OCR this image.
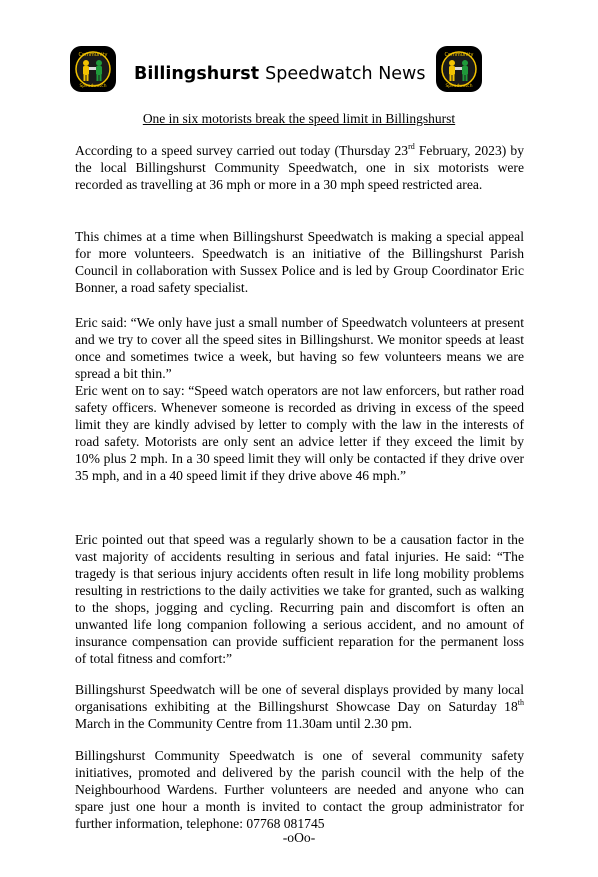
Community
Speedwatch
Billingshurst Speedwatch News
Community
Speedwatch
One in six motorists break the speed limit in Billingshurst

According to a speed survey carried out today (Thursday 23rd February, 2023) by the local Billingshurst Community Speedwatch, one in six motorists were recorded as travelling at 36 mph or more in a 30 mph speed restricted area.

This chimes at a time when Billingshurst Speedwatch is making a special appeal for more volunteers. Speedwatch is an initiative of the Billingshurst Parish Council in collaboration with Sussex Police and is led by Group Coordinator Eric Bonner, a road safety specialist.

Eric said: “We only have just a small number of Speedwatch volunteers at present and we try to cover all the speed sites in Billingshurst. We monitor speeds at least once and sometimes twice a week, but having so few volunteers means we are spread a bit thin.”

Eric went on to say: “Speed watch operators are not law enforcers, but rather road safety officers. Whenever someone is recorded as driving in excess of the speed limit they are kindly advised by letter to comply with the law in the interests of road safety. Motorists are only sent an advice letter if they exceed the limit by 10% plus 2 mph. In a 30 speed limit they will only be contacted if they drive over 35 mph, and in a 40 speed limit if they drive above 46 mph.”

Eric pointed out that speed was a regularly shown to be a causation factor in the vast majority of accidents resulting in serious and fatal injuries. He said: “The tragedy is that serious injury accidents often result in life long mobility problems resulting in restrictions to the daily activities we take for granted, such as walking to the shops, jogging and cycling. Recurring pain and discomfort is often an unwanted life long companion following a serious accident, and no amount of insurance compensation can provide sufficient reparation for the permanent loss of total fitness and comfort:”

Billingshurst Speedwatch will be one of several displays provided by many local organisations exhibiting at the Billingshurst Showcase Day on Saturday 18th March in the Community Centre from 11.30am until 2.30 pm.

Billingshurst Community Speedwatch is one of several community safety initiatives, promoted and delivered by the parish council with the help of the Neighbourhood Wardens. Further volunteers are needed and anyone who can spare just one hour a month is invited to contact the group administrator for further information, telephone: 07768 081745

-oOo-
